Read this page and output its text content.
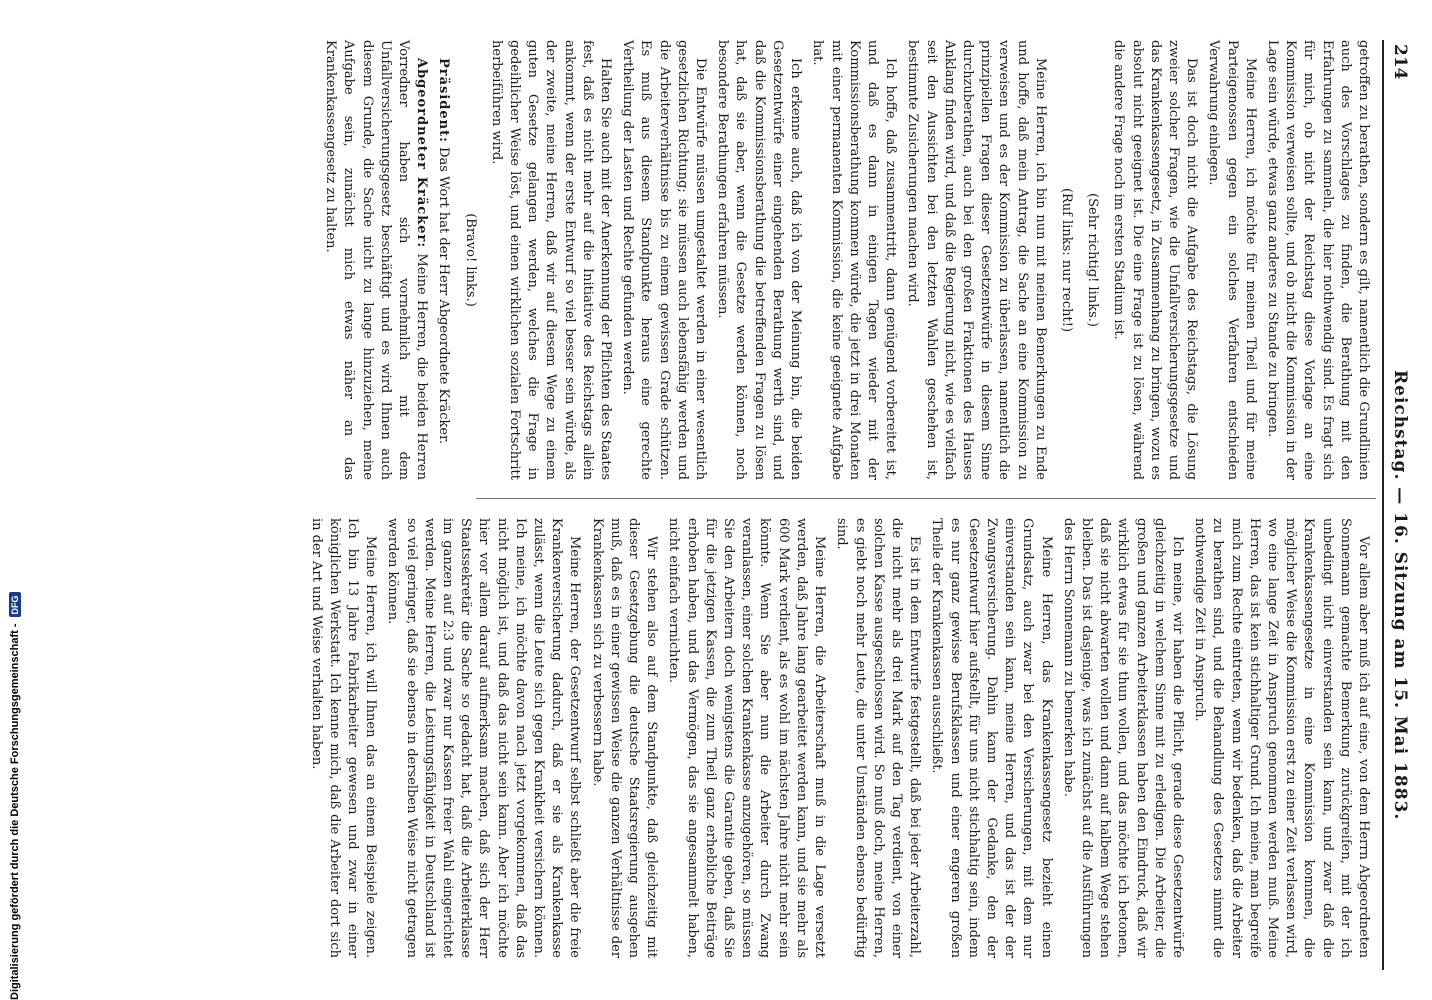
214
Reichstag. — 16. Sitzung am 15. Mai 1883.

getroffen zu berathen, sondern es gilt, namentlich die Grundlinien auch des Vorschlages zu finden, die Berathung mit den Erfahrungen zu sammeln, die hier nothwendig sind. Es fragt sich für mich, ob nicht der Reichstag diese Vorlage an eine Kommission verweisen sollte, und ob nicht die Kommission in der Lage sein würde, etwas ganz anderes zu Stande zu bringen.

Meine Herren, ich möchte für meinen Theil und für meine Parteigenossen gegen ein solches Verfahren entschieden Verwahrung einlegen.

Das ist doch nicht die Aufgabe des Reichstags, die Lösung zweier solcher Fragen, wie die Unfallversicherungsgesetze und das Krankenkassengesetz, in Zusammenhang zu bringen, wozu es absolut nicht geeignet ist. Die eine Frage ist zu lösen, während die andere Frage noch im ersten Stadium ist.

(Sehr richtig! links.)

(Ruf links: nur recht!)

Meine Herren, ich bin nun mit meinen Bemerkungen zu Ende und hoffe, daß mein Antrag, die Sache an eine Kommission zu verweisen und es der Kommission zu überlassen, namentlich die prinzipiellen Fragen dieser Gesetzentwürfe in diesem Sinne durchzuberathen, auch bei den großen Fraktionen des Hauses Anklang finden wird, und daß die Regierung nicht, wie es vielfach seit den Aussichten bei den letzten Wahlen geschehen ist, bestimmte Zusicherungen machen wird.

Ich hoffe, daß zusammentritt, dann genügend vorbereitet ist, und daß es dann in einigen Tagen wieder mit der Kommissionsberathung kommen würde, die jetzt in drei Monaten mit einer permanenten Kommission, die keine geeignete Aufgabe hat.

Ich erkenne auch, daß ich von der Meinung bin, die beiden Gesetzentwürfe einer eingehenden Berathung werth sind, und daß die Kommissionsberathung die betreffenden Fragen zu lösen hat, daß sie aber, wenn die Gesetze werden können, noch besondere Berathungen erfahren müssen.

Die Entwürfe müssen umgestaltet werden in einer wesentlich gesetzlichen Richtung; sie müssen auch lebensfähig werden und die Arbeiterverhältnisse bis zu einem gewissen Grade schützen. Es muß aus diesem Standpunkte heraus eine gerechte Vertheilung der Lasten und Rechte gefunden werden.

Halten Sie auch mit der Anerkennung der Pflichten des Staates fest, daß es nicht mehr auf die Initiative des Reichstags allein ankommt, wenn der erste Entwurf so viel besser sein würde, als der zweite, meine Herren, daß wir auf diesem Wege zu einem guten Gesetze gelangen werden, welches die Frage in gedeihlicher Weise löst, und einen wirklichen sozialen Fortschritt herbeiführen wird.

(Bravo! links.)

Präsident: Das Wort hat der Herr Abgeordnete Kräcker.

Abgeordneter Kräcker: Meine Herren, die beiden Herren Vorredner haben sich vornehmlich mit dem Unfallversicherungsgesetz beschäftigt und es wird Ihnen auch diesem Grunde, die Sache nicht zu lange hinzuziehen, meine Aufgabe sein, zunächst mich etwas näher an das Krankenkassengesetz zu halten.

Vor allem aber muß ich auf eine, von dem Herrn Abgeordneten Sonnemann gemachte Bemerkung zurückgreifen, mit der ich unbedingt nicht einverstanden sein kann, und zwar daß die Krankenkassengesetze in eine Kommission kommen, die möglicher Weise die Kommission erst zu einer Zeit verlassen wird, wo eine lange Zeit in Anspruch genommen werden muß. Meine Herren, das ist kein stichhaltiger Grund. Ich meine, man begreife mich zum Rechte eintreten, wenn wir bedenken, daß die Arbeiter zu berathen sind, und die Behandlung des Gesetzes nimmt die nothwendige Zeit in Anspruch.

Ich meine, wir haben die Pflicht, gerade diese Gesetzentwürfe gleichzeitig in welchem Sinne mit zu erledigen. Die Arbeiter, die großen und ganzen Arbeiterklassen haben den Eindruck, daß wir wirklich etwas für sie thun wollen, und das möchte ich betonen, daß sie nicht abwarten wollen und dann auf halbem Wege stehen bleiben. Das ist dasjenige, was ich zunächst auf die Ausführungen des Herrn Sonnemann zu bemerken habe.

Meine Herren, das Krankenkassengesetz bezieht einen Grundsatz, auch zwar bei den Versicherungen, mit dem nur einverstanden sein kann, meine Herren, und das ist der der Zwangsversicherung. Dahin kann der Gedanke, den der Gesetzentwurf hier aufstellt, für uns nicht stichhaltig sein, indem es nur ganz gewisse Berufsklassen und einer engeren großen Theile der Krankenkassen ausschließt.

Es ist in dem Entwurfe festgestellt, daß bei jeder Arbeiterzahl, die nicht mehr als drei Mark auf den Tag verdient, von einer solchen Kasse ausgeschlossen wird. So muß doch, meine Herren, es giebt noch mehr Leute, die unter Umständen ebenso bedürftig sind.

Meine Herren, die Arbeiterschaft muß in die Lage versetzt werden, daß Jahre lang gearbeitet werden kann, und sie mehr als 600 Mark verdient, als es wohl im nächsten Jahre nicht mehr sein könnte. Wenn Sie aber nun die Arbeiter durch Zwang veranlassen, einer solchen Krankenkasse anzugehören, so müssen Sie den Arbeitern doch wenigstens die Garantie geben, daß Sie für die jetzigen Kassen, die zum Theil ganz erhebliche Beiträge erhoben haben, und das Vermögen, das sie angesammelt haben, nicht einfach vernichten.

Wir stehen also auf dem Standpunkte, daß gleichzeitig mit dieser Gesetzgebung die deutsche Staatsregierung ausgehen muß, daß es in einer gewissen Weise die ganzen Verhältnisse der Krankenkassen sich zu verbessern habe.

Meine Herren, der Gesetzentwurf selbst schließt aber die freie Krankenversicherung dadurch, daß er sie als Krankenkasse zulässt, wenn die Leute sich gegen Krankheit versichern können. Ich meine, ich möchte davon nach jetzt vorgekommen, daß das nicht möglich ist, und daß das nicht sein kann. Aber ich möchte hier vor allem darauf aufmerksam machen, daß sich der Herr Staatssekretär die Sache so gedacht hat, daß die Arbeiterklasse im ganzen auf 2:3 und zwar nur Kassen freier Wahl eingerichtet werden. Meine Herren, die Leistungsfähigkeit in Deutschland ist so viel geringer, daß sie ebenso in derselben Weise nicht getragen werden können.

Meine Herren, ich will Ihnen das an einem Beispiele zeigen. Ich bin 13 Jahre Fabrikarbeiter gewesen und zwar in einer königlichen Werkstatt. Ich kenne mich, daß die Arbeiter dort sich in der Art und Weise verhalten haben.

Digitalisierung gefördert durch die Deutsche Forschungsgemeinschaft -
DFG
